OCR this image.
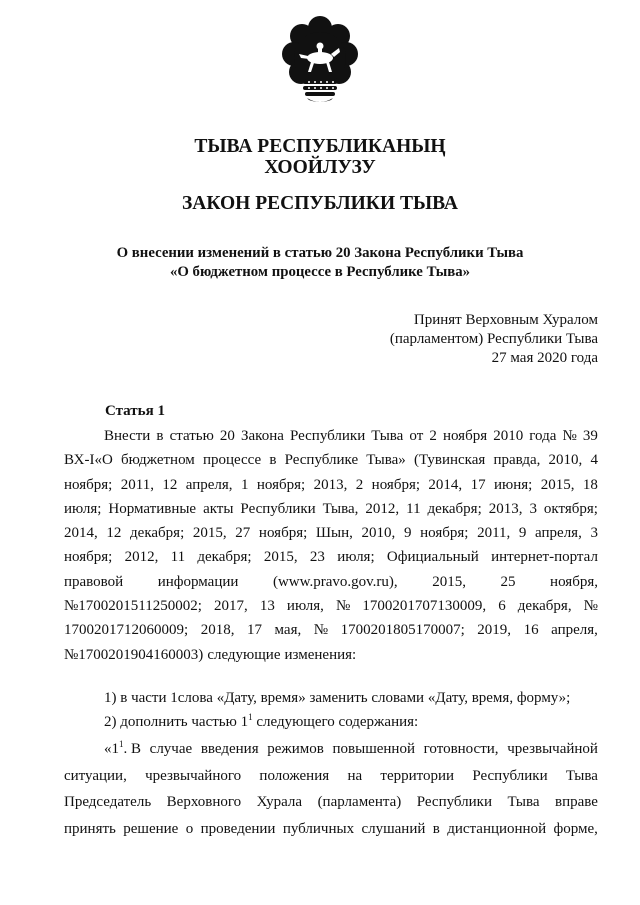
ТЫВА РЕСПУБЛИКАНЫҢ
ХООЙЛУЗУ
ЗАКОН РЕСПУБЛИКИ ТЫВА
О внесении изменений в статью 20 Закона Республики Тыва
«О бюджетном процессе в Республике Тыва»
Принят Верховным Хуралом
(парламентом) Республики Тыва
27 мая 2020 года
Статья 1
Внести в статью 20 Закона Республики Тыва от 2 ноября 2010 года № 39
ВХ-I«О бюджетном процессе в Республике Тыва» (Тувинская правда, 2010, 4
ноября; 2011, 12 апреля, 1 ноября; 2013, 2 ноября; 2014, 17 июня; 2015, 18
июля; Нормативные акты Республики Тыва, 2012, 11 декабря; 2013, 3 октября;
2014, 12 декабря; 2015, 27 ноября; Шын, 2010, 9 ноября; 2011, 9 апреля, 3
ноября; 2012, 11 декабря; 2015, 23 июля; Официальный интернет-портал
правовой информации (www.pravo.gov.ru), 2015, 25 ноября,
№1700201511250002; 2017, 13 июля, № 1700201707130009, 6 декабря, №
1700201712060009; 2018, 17 мая, № 1700201805170007; 2019, 16 апреля,
№1700201904160003) следующие изменения:
1) в части 1слова «Дату, время» заменить словами «Дату, время, форму»;
2) дополнить частью $1^1$ следующего содержания:
«$1^1$. В случае введения режимов повышенной готовности, чрезвычайной
ситуации, чрезвычайного положения на территории Республики Тыва
Председатель Верховного Хурала (парламента) Республики Тыва вправе
принять решение о проведении публичных слушаний в дистанционной форме,
